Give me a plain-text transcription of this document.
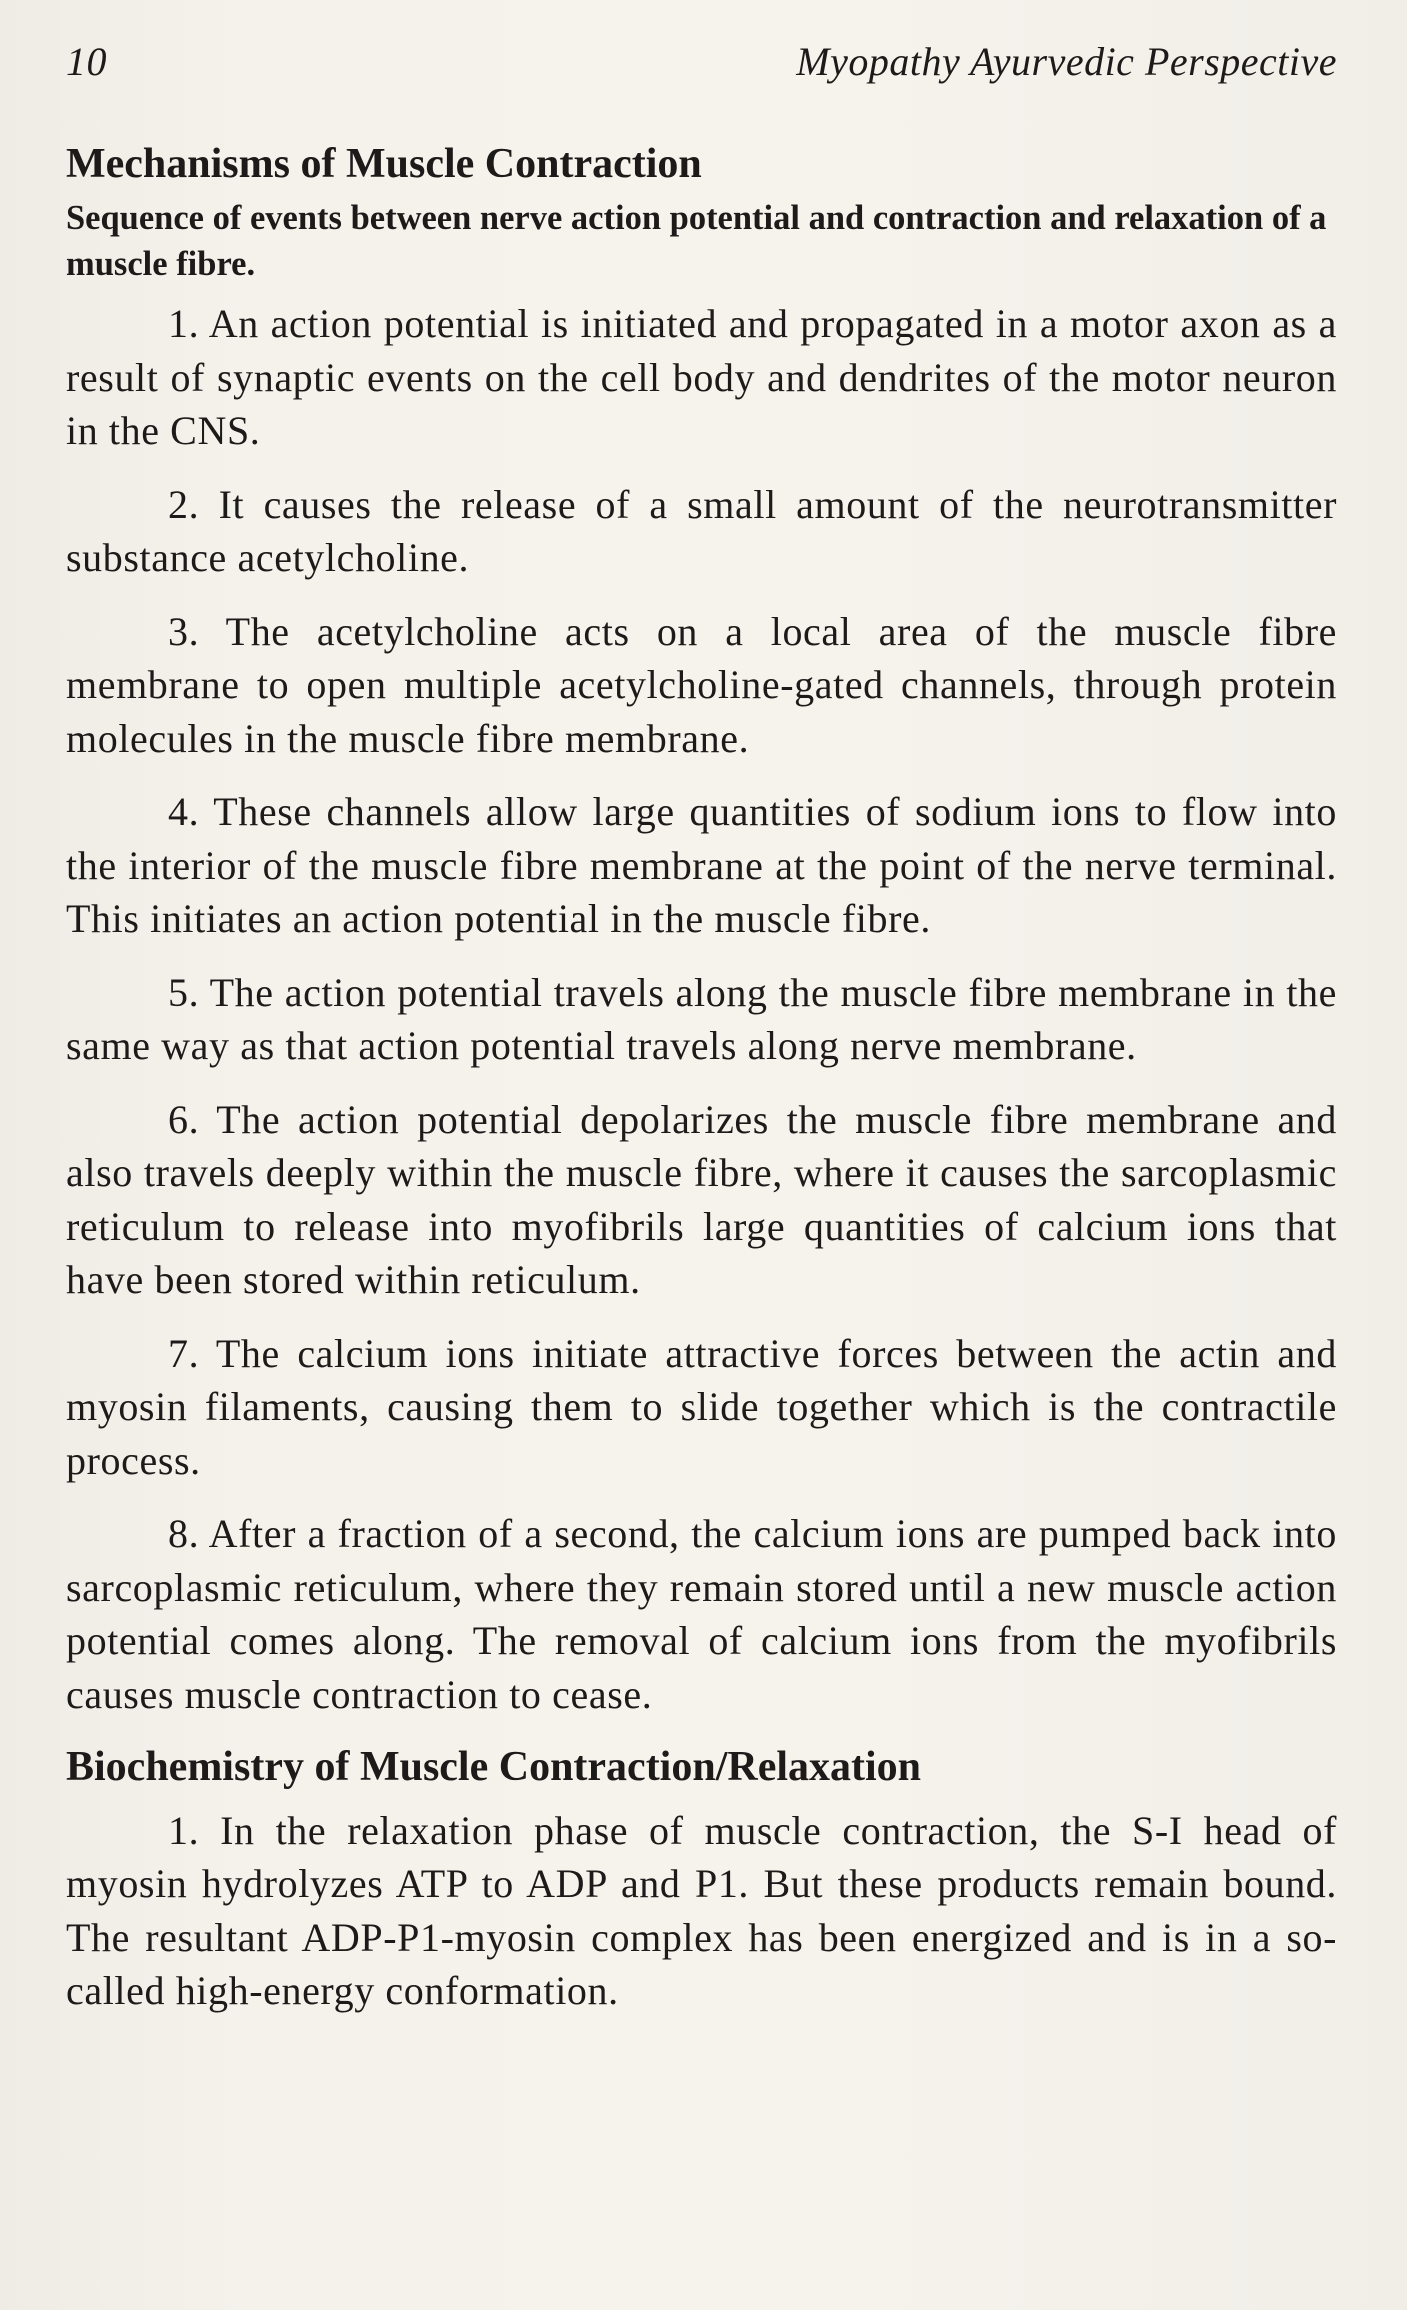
10	Myopathy Ayurvedic Perspective
Mechanisms of Muscle Contraction
Sequence of events between nerve action potential and contraction and relaxation of a muscle fibre.

1. An action potential is initiated and propagated in a motor axon as a result of synaptic events on the cell body and dendrites of the motor neuron in the CNS.

2. It causes the release of a small amount of the neurotransmitter substance acetylcholine.

3. The acetylcholine acts on a local area of the muscle fibre membrane to open multiple acetylcholine-gated channels, through protein molecules in the muscle fibre membrane.

4. These channels allow large quantities of sodium ions to flow into the interior of the muscle fibre membrane at the point of the nerve terminal. This initiates an action potential in the muscle fibre.

5. The action potential travels along the muscle fibre membrane in the same way as that action potential travels along nerve membrane.

6. The action potential depolarizes the muscle fibre membrane and also travels deeply within the muscle fibre, where it causes the sarcoplasmic reticulum to release into myofibrils large quantities of calcium ions that have been stored within reticulum.

7. The calcium ions initiate attractive forces between the actin and myosin filaments, causing them to slide together which is the contractile process.

8. After a fraction of a second, the calcium ions are pumped back into sarcoplasmic reticulum, where they remain stored until a new muscle action potential comes along. The removal of calcium ions from the myofibrils causes muscle contraction to cease.

Biochemistry of Muscle Contraction/Relaxation

1. In the relaxation phase of muscle contraction, the S-I head of myosin hydrolyzes ATP to ADP and P1. But these products remain bound. The resultant ADP-P1-myosin complex has been energized and is in a so-called high-energy conformation.
